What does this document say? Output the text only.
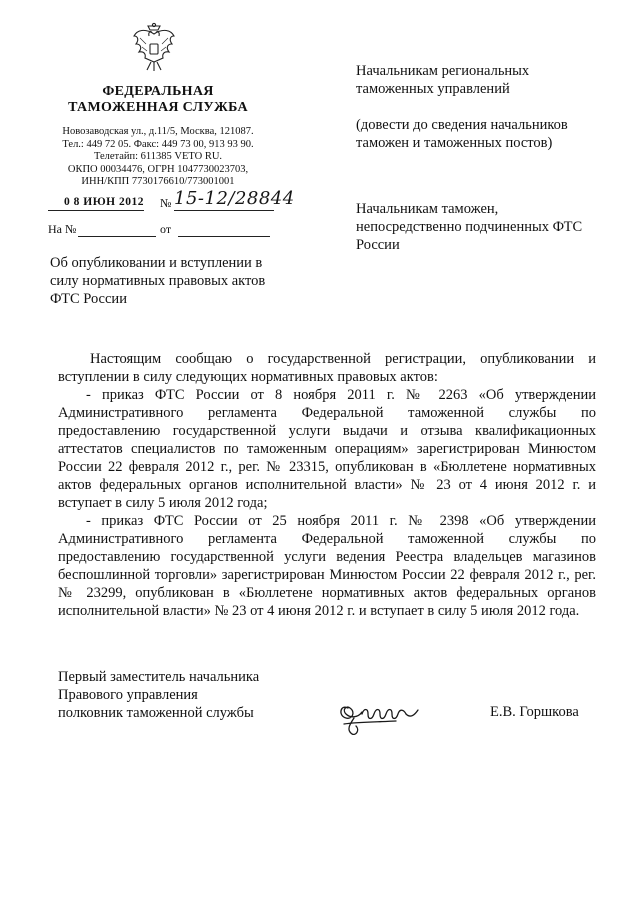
ФЕДЕРАЛЬНАЯ
ТАМОЖЕННАЯ СЛУЖБА
Новозаводская ул., д.11/5, Москва, 121087.
Тел.: 449 72 05. Факс: 449 73 00, 913 93 90.
Телетайп: 611385 VETO RU.
ОКПО 00034476, ОГРН 1047730023703,
ИНН/КПП 7730176610/773001001
0 8 ИЮН 2012 № 15-12/28844
На №	от
Об опубликовании и вступлении в силу нормативных правовых актов ФТС России
Начальникам региональных таможенных управлений
(довести до сведения начальников таможен и таможенных постов)
Начальникам таможен, непосредственно подчиненных ФТС России

Настоящим сообщаю о государственной регистрации, опубликовании и вступлении в силу следующих нормативных правовых актов:

- приказ ФТС России от 8 ноября 2011 г. № 2263 «Об утверждении Административного регламента Федеральной таможенной службы по предоставлению государственной услуги выдачи и отзыва квалификационных аттестатов специалистов по таможенным операциям» зарегистрирован Минюстом России 22 февраля 2012 г., рег. № 23315, опубликован в «Бюллетене нормативных актов федеральных органов исполнительной власти» № 23 от 4 июня 2012 г. и вступает в силу 5 июля 2012 года;

- приказ ФТС России от 25 ноября 2011 г. № 2398 «Об утверждении Административного регламента Федеральной таможенной службы по предоставлению государственной услуги ведения Реестра владельцев магазинов беспошлинной торговли» зарегистрирован Минюстом России 22 февраля 2012 г., рег. № 23299, опубликован в «Бюллетене нормативных актов федеральных органов исполнительной власти» № 23 от 4 июня 2012 г. и вступает в силу 5 июля 2012 года.

Первый заместитель начальника
Правового управления
полковник таможенной службы	Е.В. Горшкова
